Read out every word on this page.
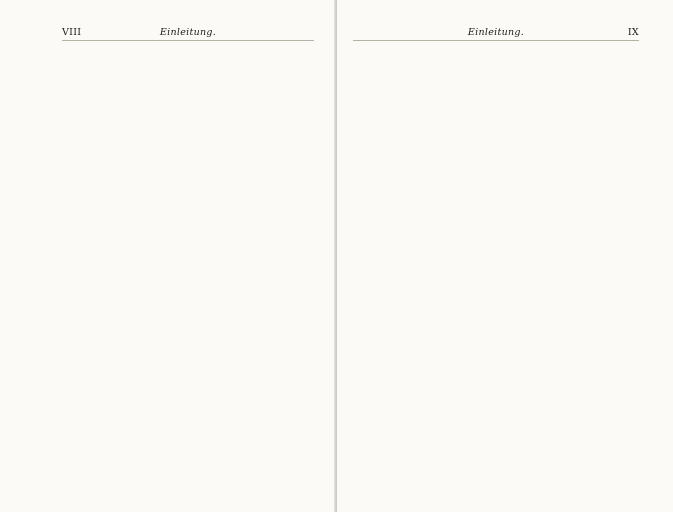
VIII	Einleitung.	Einleitung.	IX
